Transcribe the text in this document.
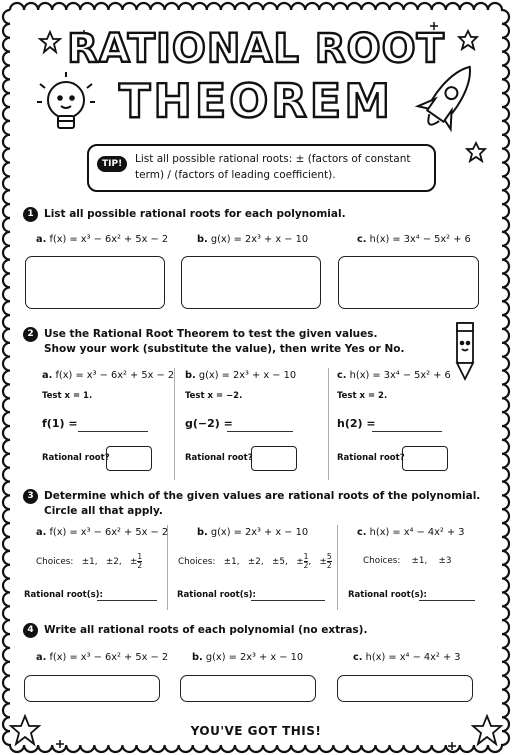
RATIONAL ROOT
THEOREM
TIP!	List all possible rational roots: ± (factors of constant term) / (factors of leading coefficient).
1 List all possible rational roots for each polynomial.
a. f(x) = x³ − 6x² + 5x − 2	b. g(x) = 2x³ + x − 10	c. h(x) = 3x⁴ − 5x² + 6
2 Use the Rational Root Theorem to test the given values.
Show your work (substitute the value), then write Yes or No.
a. f(x) = x³ − 6x² + 5x − 2 b. g(x) = 2x³ + x − 10	c. h(x) = 3x⁴ − 5x² + 6
Test x = 1.	Test x = −2.	Test x = 2.
f(1) =	g(−2) =	h(2) =
Rational root?	Rational root?	Rational root?
3 Determine which of the given values are rational roots of the polynomial.
Circle all that apply.
a. f(x) = x³ − 6x² + 5x − 2	b. g(x) = 2x³ + x − 10	c. h(x) = x⁴ − 4x² + 3
Choices: ±1, ±2, ± $\frac{1}{2}$	Choices: ±1, ±2, ±5, ± $\frac{1}{2}$ , ± $\frac{5}{2}$	Choices: ±1, ±3
Rational root(s):	Rational root(s):	Rational root(s):
4 Write all rational roots of each polynomial (no extras).
a. f(x) = x³ − 6x² + 5x − 2 b. g(x) = 2x³ + x − 10	c. h(x) = x⁴ − 4x² + 3
YOU'VE GOT THIS!
